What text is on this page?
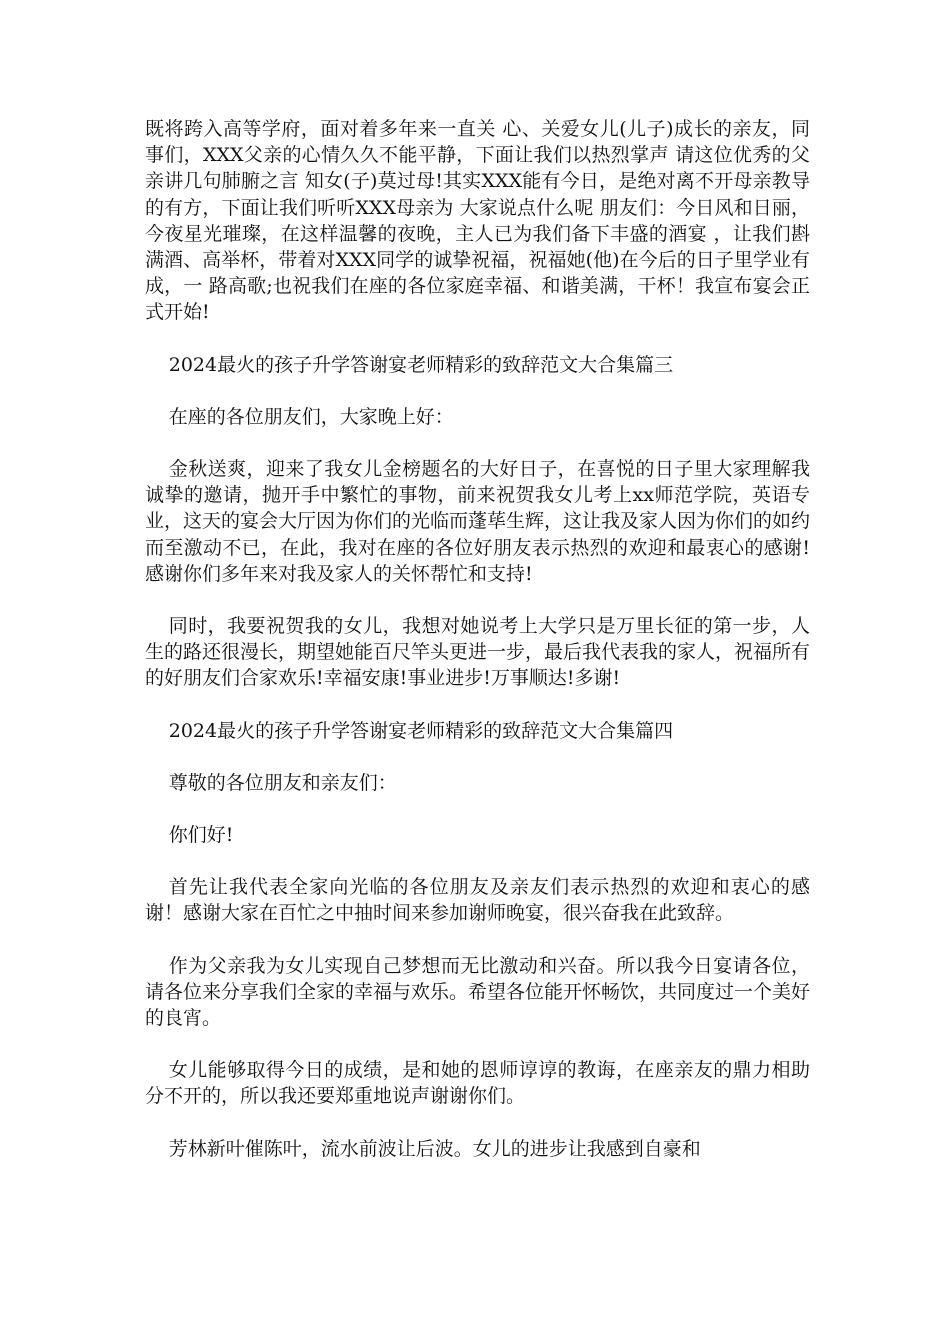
既将跨入高等学府，面对着多年来一直关 心、关爱女儿(儿子)成长的亲友，同事们，XXX父亲的心情久久不能平静，下面让我们以热烈掌声 请这位优秀的父亲讲几句肺腑之言 知女(子)莫过母!其实XXX能有今日，是绝对离不开母亲教导的有方，下面让我们听听XXX母亲为 大家说点什么呢 朋友们：今日风和日丽，今夜星光璀璨，在这样温馨的夜晚，主人已为我们备下丰盛的酒宴 ，让我们斟满酒、高举杯，带着对XXX同学的诚挚祝福，祝福她(他)在今后的日子里学业有成，一 路高歌;也祝我们在座的各位家庭幸福、和谐美满，干杯！我宣布宴会正式开始!

2024最火的孩子升学答谢宴老师精彩的致辞范文大合集篇三

在座的各位朋友们，大家晚上好：

金秋送爽，迎来了我女儿金榜题名的大好日子，在喜悦的日子里大家理解我诚挚的邀请，抛开手中繁忙的事物，前来祝贺我女儿考上xx师范学院，英语专业，这天的宴会大厅因为你们的光临而蓬荜生辉，这让我及家人因为你们的如约而至激动不已，在此，我对在座的各位好朋友表示热烈的欢迎和最衷心的感谢!感谢你们多年来对我及家人的关怀帮忙和支持!

同时，我要祝贺我的女儿，我想对她说考上大学只是万里长征的第一步，人生的路还很漫长，期望她能百尺竿头更进一步，最后我代表我的家人，祝福所有的好朋友们合家欢乐!幸福安康!事业进步!万事顺达!多谢!

2024最火的孩子升学答谢宴老师精彩的致辞范文大合集篇四

尊敬的各位朋友和亲友们：

你们好!

首先让我代表全家向光临的各位朋友及亲友们表示热烈的欢迎和衷心的感谢！感谢大家在百忙之中抽时间来参加谢师晚宴，很兴奋我在此致辞。

作为父亲我为女儿实现自己梦想而无比激动和兴奋。所以我今日宴请各位，请各位来分享我们全家的幸福与欢乐。希望各位能开怀畅饮，共同度过一个美好的良宵。

女儿能够取得今日的成绩，是和她的恩师谆谆的教诲，在座亲友的鼎力相助分不开的，所以我还要郑重地说声谢谢你们。

芳林新叶催陈叶，流水前波让后波。女儿的进步让我感到自豪和
